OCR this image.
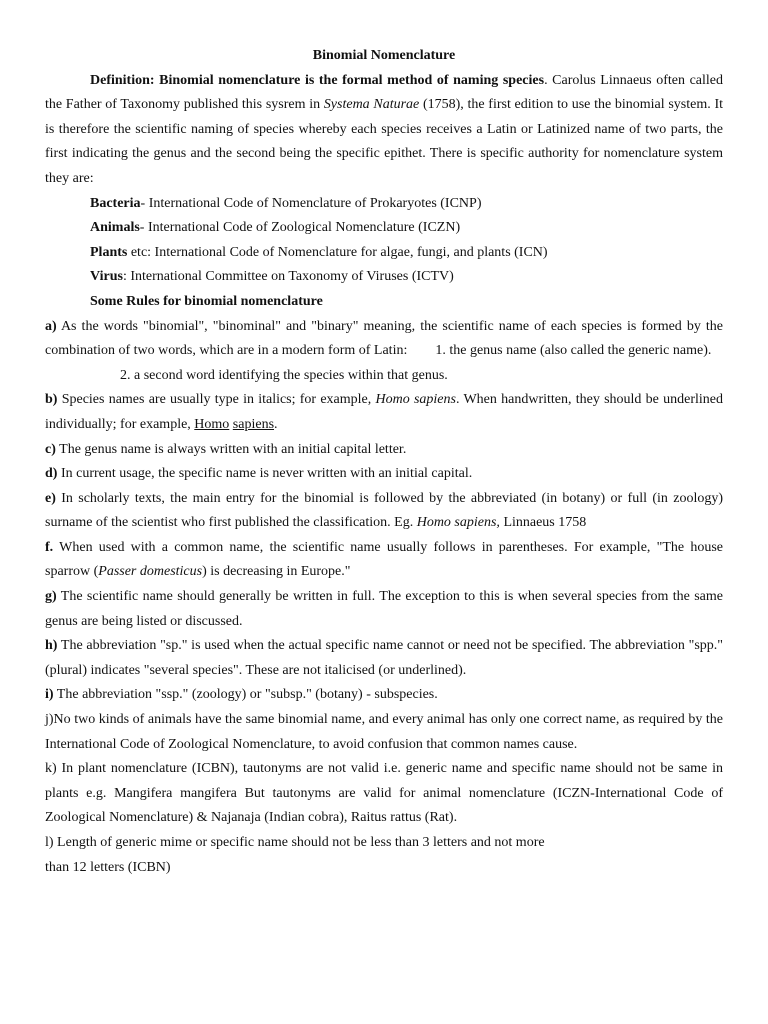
Binomial Nomenclature

Definition: Binomial nomenclature is the formal method of naming species. Carolus Linnaeus often called the Father of Taxonomy published this sysrem in Systema Naturae (1758), the first edition to use the binomial system. It is therefore the scientific naming of species whereby each species receives a Latin or Latinized name of two parts, the first indicating the genus and the second being the specific epithet. There is specific authority for nomenclature system they are:

Bacteria- International Code of Nomenclature of Prokaryotes (ICNP)

Animals- International Code of Zoological Nomenclature (ICZN)

Plants etc: International Code of Nomenclature for algae, fungi, and plants (ICN)

Virus: International Committee on Taxonomy of Viruses (ICTV)

Some Rules for binomial nomenclature

a) As the words "binomial", "binominal" and "binary" meaning, the scientific name of each species is formed by the combination of two words, which are in a modern form of Latin: 1. the genus name (also called the generic name).

2. a second word identifying the species within that genus.

b) Species names are usually type in italics; for example, Homo sapiens. When handwritten, they should be underlined individually; for example, Homo sapiens.

c) The genus name is always written with an initial capital letter.

d) In current usage, the specific name is never written with an initial capital.

e) In scholarly texts, the main entry for the binomial is followed by the abbreviated (in botany) or full (in zoology) surname of the scientist who first published the classification. Eg. Homo sapiens, Linnaeus 1758

f. When used with a common name, the scientific name usually follows in parentheses. For example, "The house sparrow (Passer domesticus) is decreasing in Europe."

g) The scientific name should generally be written in full. The exception to this is when several species from the same genus are being listed or discussed.

h) The abbreviation "sp." is used when the actual specific name cannot or need not be specified. The abbreviation "spp." (plural) indicates "several species". These are not italicised (or underlined).

i) The abbreviation "ssp." (zoology) or "subsp." (botany) - subspecies.

j)No two kinds of animals have the same binomial name, and every animal has only one correct name, as required by the International Code of Zoological Nomenclature, to avoid confusion that common names cause.

k) In plant nomenclature (ICBN), tautonyms are not valid i.e. generic name and specific name should not be same in plants e.g. Mangifera mangifera But tautonyms are valid for animal nomenclature (ICZN-International Code of Zoological Nomenclature) & Najanaja (Indian cobra), Raitus rattus (Rat).

l) Length of generic mime or specific name should not be less than 3 letters and not more

than 12 letters (ICBN)
